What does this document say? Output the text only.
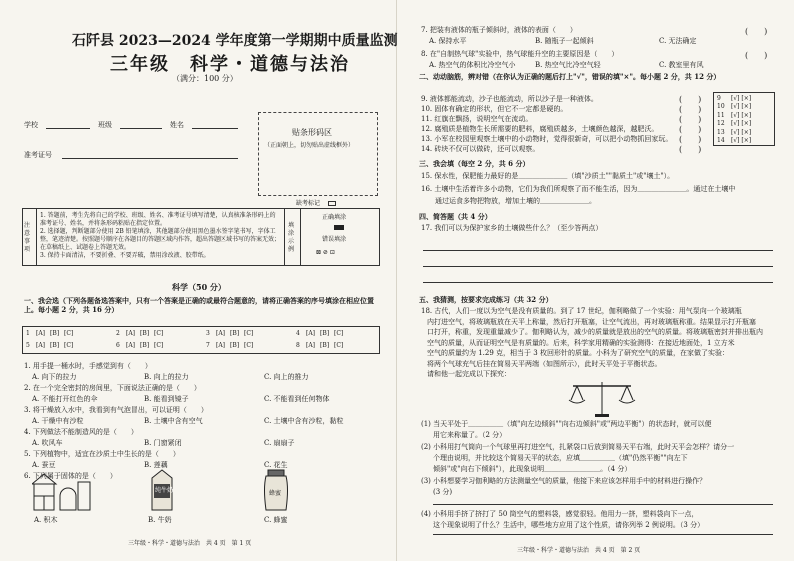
石阡县 2023—2024 学年度第一学期期中质量监测
三年级　科学・道德与法治
（满分：100 分）
学校	班级	姓名
准考证号
贴条形码区
（正面朝上，切勿贴出虚线框外）
缺考标记
注意事项
1. 答题前，考生先将自己的学校、班级、姓名、准考证号填写清楚，认真核准条形码上的准考证号、姓名，并将条形码粘贴在指定位置。
2. 选择题，判断题部分使用 2B 铅笔填涂，其他题部分使用黑色墨水签字笔书写，字体工整，笔迹清楚。按照题号顺序在各题目的答题区域内作答，超出答题区域书写的答案无效；在草稿纸上、试题卷上答题无效。
3. 保持卡面清洁，不要折叠、不要弄破，禁用涂改液、胶带纸。
填涂示例
正确填涂
错误填涂
⊠ ⊘ ⊡
科学（50 分）
一、我会选（下列各题备选答案中，只有一个答案是正确的或最符合题意的，请将正确答案的序号填涂在相应位置上。每小题 2 分，共 16 分）
1 [A] [B] [C]	2 [A] [B] [C]	3 [A] [B] [C]	4 [A] [B] [C]
5 [A] [B] [C]	6 [A] [B] [C]	7 [A] [B] [C]	8 [A] [B] [C]
1. 用手提一桶水时，手感觉到有（　　）
A. 向下的拉力	B. 向上的拉力	C. 向上的推力
2. 在一个完全密封的房间里，下面说法正确的是（　　）
A. 不能打开红色的伞	B. 能看到镜子	C. 不能看到任何物体
3. 将干燥放入水中，我看到有气泡冒出，可以证明（　　）
A. 干燥中有沙粒	B. 土壤中含有空气	C. 土壤中含有沙粒，黏粒
4. 下列做法不能制造风的是（　　）
A. 吹风车	B. 门窗紧闭	C. 扇扇子
5. 下列植物中，适宜在沙质土中生长的是（　　）
A. 蚕豆	B. 莲藕	C. 花生
6. 下列属于固体的是（　　）
纯牛奶	蜂蜜
A. 积木	B. 牛奶	C. 蜂蜜
三年级・科学・道德与法治　共 4 页　第 1 页
7. 把装有液体的瓶子倾斜时，液体的表面（　　）	(　　)
A. 保持水平	B. 随瓶子一起倾斜	C. 无法确定
8. 在"自制热气球"实验中，热气球能升空的主要原因是（　　）	(　　)
A. 热空气的体积比冷空气小	B. 热空气比冷空气轻	C. 教室里有风
二、动动脑筋，辨对错（在你认为正确的题后打上"√"，错误的填"×"。每小题 2 分，共 12 分）
9. 液体都能流动，沙子也能流动，所以沙子是一种液体。	(　　)
10. 固体有确定的形状，但它不一定都是硬的。	(　　)
11. 红旗在飘扬，说明空气在流动。	(　　)
12. 腐殖质是植物生长所需要的肥料，腐殖质越多，土壤颜色越深，越肥沃。	(　　)
13. 小军在校园里观察土壤中的小动物时，觉得很新奇，可以把小动物抓回家玩。 (　　)
14. 砖块不仅可以做砖，还可以观察。	(　　)
9 [√] [×]
10 [√] [×]
11 [√] [×]
12 [√] [×]
13 [√] [×]
14 [√] [×]
三、我会填（每空 2 分，共 6 分）
15. 保水性，保肥能力最好的是＿＿＿＿＿＿＿（填"沙质土""黏质土"或"壤土"）。
16. 土壤中生活着许多小动物，它们为我们所观察了而不能生活，因为＿＿＿＿＿＿＿。通过在土壤中
　　通过运食多物把物放，增加土壤的＿＿＿＿＿＿＿。
四、简答题（共 4 分）
17. 我们可以为保护家乡的土壤做些什么？（至少答两点）
五、我猜测，按要求完成练习（共 32 分）
18. 古代，人们一度以为空气是没有质量的。到了 17 世纪，伽利略做了一个实验：用气泵向一个玻璃瓶
内打进空气，将玻璃瓶放在天平上称量，然后打开瓶塞，让空气流出，再对玻璃瓶称重。结果显示打开瓶塞
口打开，称重，发现重量减少了。伽利略认为，减少的质量就是放出的空气的质量。将玻璃瓶密封并排出瓶内
空气的质量，从而证明空气是有质量的。后来，科学家用精确的实验测得：在接近地面处，1 立方米
空气的质量约为 1.29 克，相当于 3 枚回形针的质量。小科为了研究空气的质量，在家做了实验：
将两个气球充气后挂在简易天平两端（如图所示），此时天平处于平衡状态。
请和他一起完成以下探究：
(1) 当天平处于＿＿＿＿＿（填"向左边倾斜""向右边倾斜"或"两边平衡"）的状态时，就可以便
用它来称量了。（2 分）
(2) 小科用打气筒向一个气球里再打进空气，扎紧袋口后放到简易天平右端，此时天平会怎样？请分一
个理由说明，并比较这个简易天平的状态，应填＿＿＿＿＿（填"仍然平衡""向左下
倾斜"或"向右下倾斜"），此现象说明＿＿＿＿＿＿＿＿。（4 分）
(3) 小科想要学习伽利略的方法测量空气的质量，他接下来应该怎样用手中的材料进行操作？
(3 分)
(4) 小科用手挤了挤打了 50 筒空气的塑料袋，感觉很轻。他用力一挤，塑料袋向下一点，
这个现象说明了什么？生活中，哪些地方应用了这个性质，请你列举 2 例说明。（3 分）
三年级・科学・道德与法治　共 4 页　第 2 页
